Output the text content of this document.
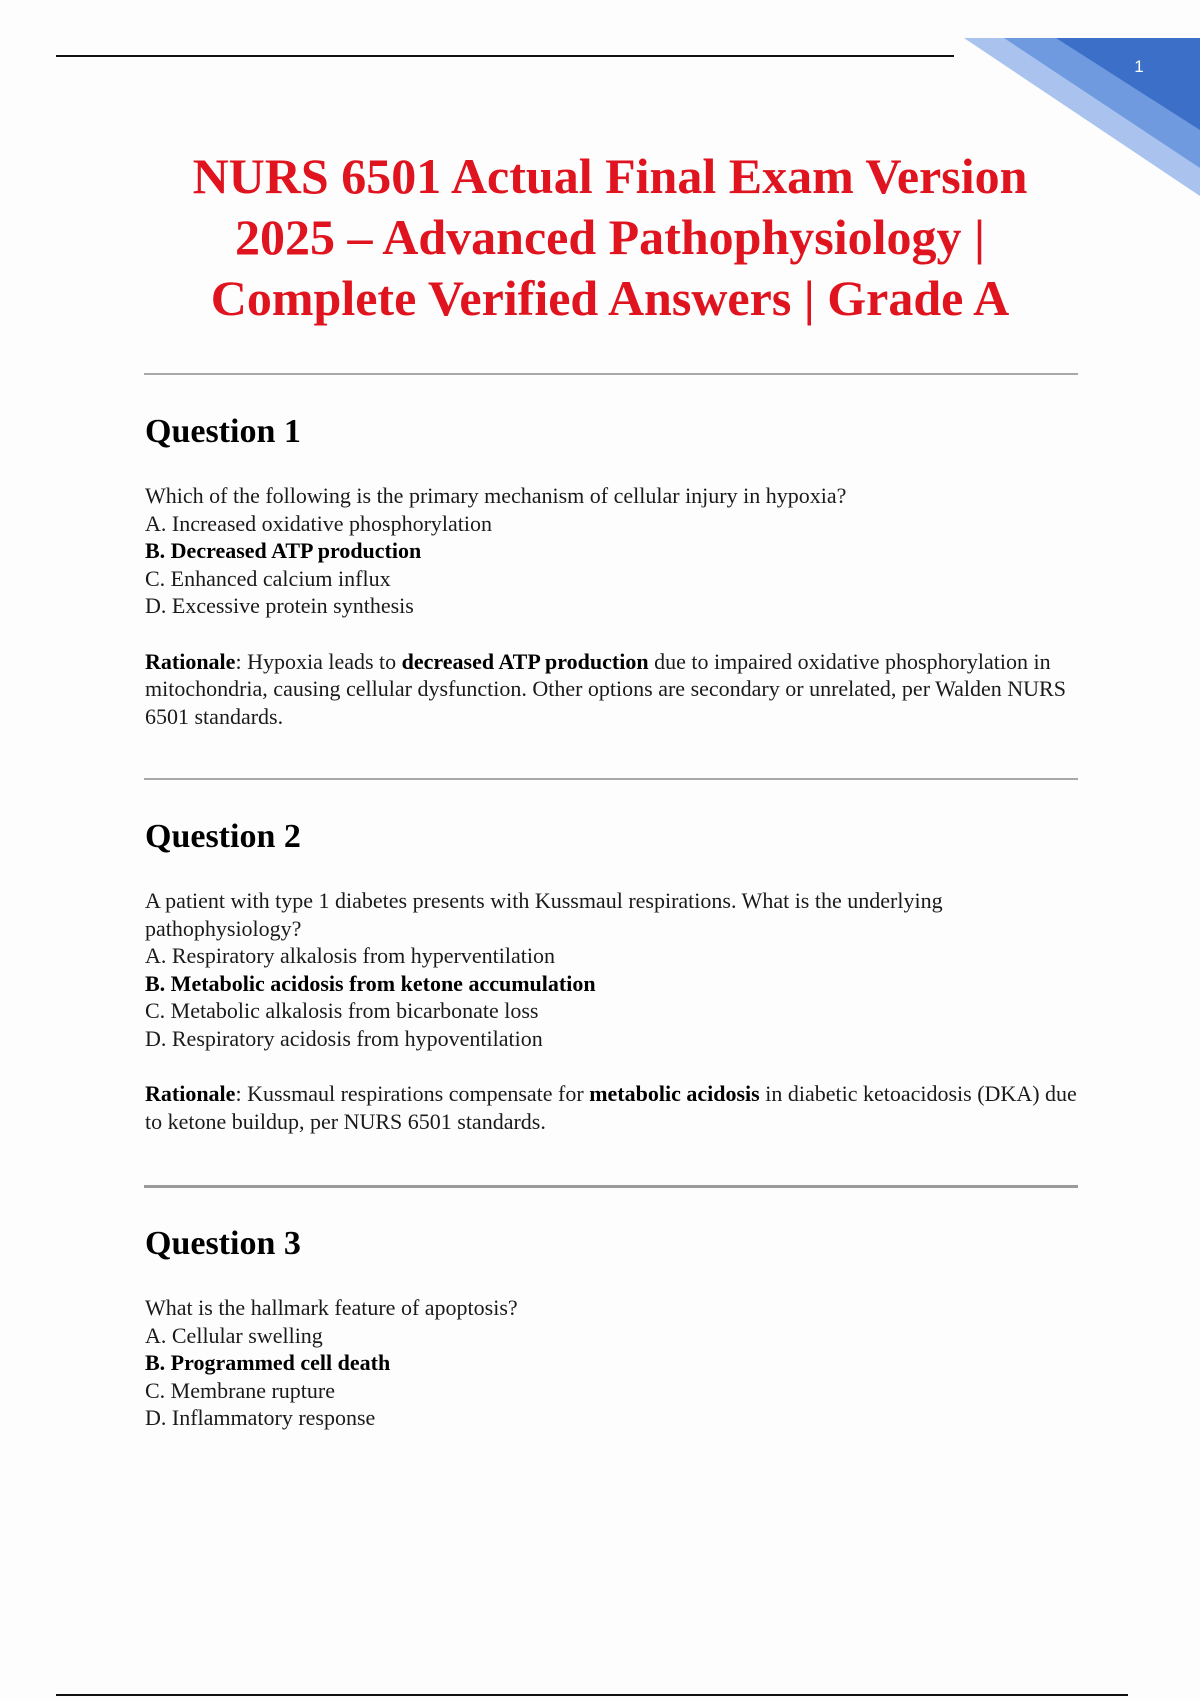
1
NURS 6501 Actual Final Exam Version
2025 – Advanced Pathophysiology |
Complete Verified Answers | Grade A
Question 1

Which of the following is the primary mechanism of cellular injury in hypoxia?

A. Increased oxidative phosphorylation
B. Decreased ATP production
C. Enhanced calcium influx
D. Excessive protein synthesis

Rationale: Hypoxia leads to decreased ATP production due to impaired oxidative phosphorylation in mitochondria, causing cellular dysfunction. Other options are secondary or unrelated, per Walden NURS 6501 standards.

Question 2

A patient with type 1 diabetes presents with Kussmaul respirations. What is the underlying pathophysiology?

A. Respiratory alkalosis from hyperventilation
B. Metabolic acidosis from ketone accumulation
C. Metabolic alkalosis from bicarbonate loss
D. Respiratory acidosis from hypoventilation

Rationale: Kussmaul respirations compensate for metabolic acidosis in diabetic ketoacidosis (DKA) due to ketone buildup, per NURS 6501 standards.

Question 3

What is the hallmark feature of apoptosis?

A. Cellular swelling
B. Programmed cell death
C. Membrane rupture
D. Inflammatory response
